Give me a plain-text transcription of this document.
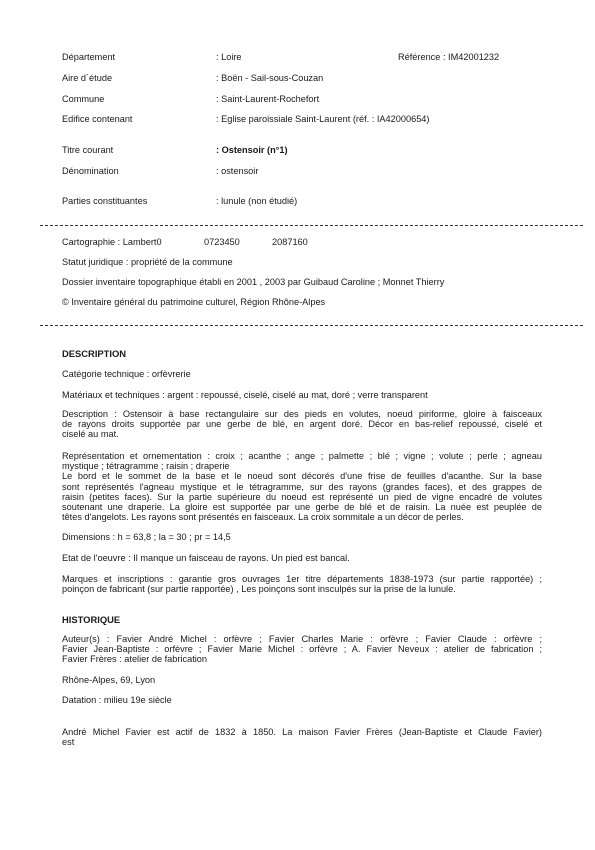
Département	: Loire	Référence : IM42001232
Aire d´étude	: Boën - Sail-sous-Couzan
Commune	: Saint-Laurent-Rochefort
Edifice contenant	: Eglise paroissiale Saint-Laurent (réf. : IA42000654)
Titre courant	: Ostensoir (n°1)
Dénomination	: ostensoir
Parties constituantes	: lunule (non étudié)
Cartographie : Lambert0	0723450	2087160
Statut juridique : propriété de la commune
Dossier inventaire topographique établi en 2001 , 2003 par Guibaud Caroline ; Monnet Thierry
© Inventaire général du patrimoine culturel, Région Rhône-Alpes
DESCRIPTION
Catégorie technique : orfèvrerie
Matériaux et techniques : argent : repoussé, ciselé, ciselé au mat, doré ; verre transparent
Description : Ostensoir à base rectangulaire sur des pieds en volutes, noeud piriforme, gloire à faisceaux
de rayons droits supportée par une gerbe de blé, en argent doré. Décor en bas-relief repoussé, ciselé et
ciselé au mat.
Représentation et ornementation : croix ; acanthe ; ange ; palmette ; blé ; vigne ; volute ; perle ; agneau
mystique ; tétragramme ; raisin ; draperie
Le bord et le sommet de la base et le noeud sont décorés d'une frise de feuilles d'acanthe. Sur la base
sont représentés l'agneau mystique et le tétragramme, sur des rayons (grandes faces), et des grappes de
raisin (petites faces). Sur la partie supérieure du noeud est représenté un pied de vigne encadré de volutes
soutenant une draperie. La gloire est supportée par une gerbe de blé et de raisin. La nuée est peuplée de
têtes d'angelots. Les rayons sont présentés en faisceaux. La croix sommitale a un décor de perles.
Dimensions : h = 63,8 ; la = 30 ; pr = 14,5
Etat de l'oeuvre : Il manque un faisceau de rayons. Un pied est bancal.
Marques et inscriptions : garantie gros ouvrages 1er titre départements 1838-1973 (sur partie rapportée) ;
poinçon de fabricant (sur partie rapportée) , Les poinçons sont insculpés sur la prise de la lunule.
HISTORIQUE
Auteur(s) : Favier André Michel : orfèvre ; Favier Charles Marie : orfèvre ; Favier Claude : orfèvre ;
Favier Jean-Baptiste : orfèvre ; Favier Marie Michel : orfèvre ; A. Favier Neveux : atelier de fabrication ;
Favier Frères : atelier de fabrication
Rhône-Alpes, 69, Lyon
Datation : milieu 19e siècle
André Michel Favier est actif de 1832 à 1850. La maison Favier Frères (Jean-Baptiste et Claude Favier)
est
